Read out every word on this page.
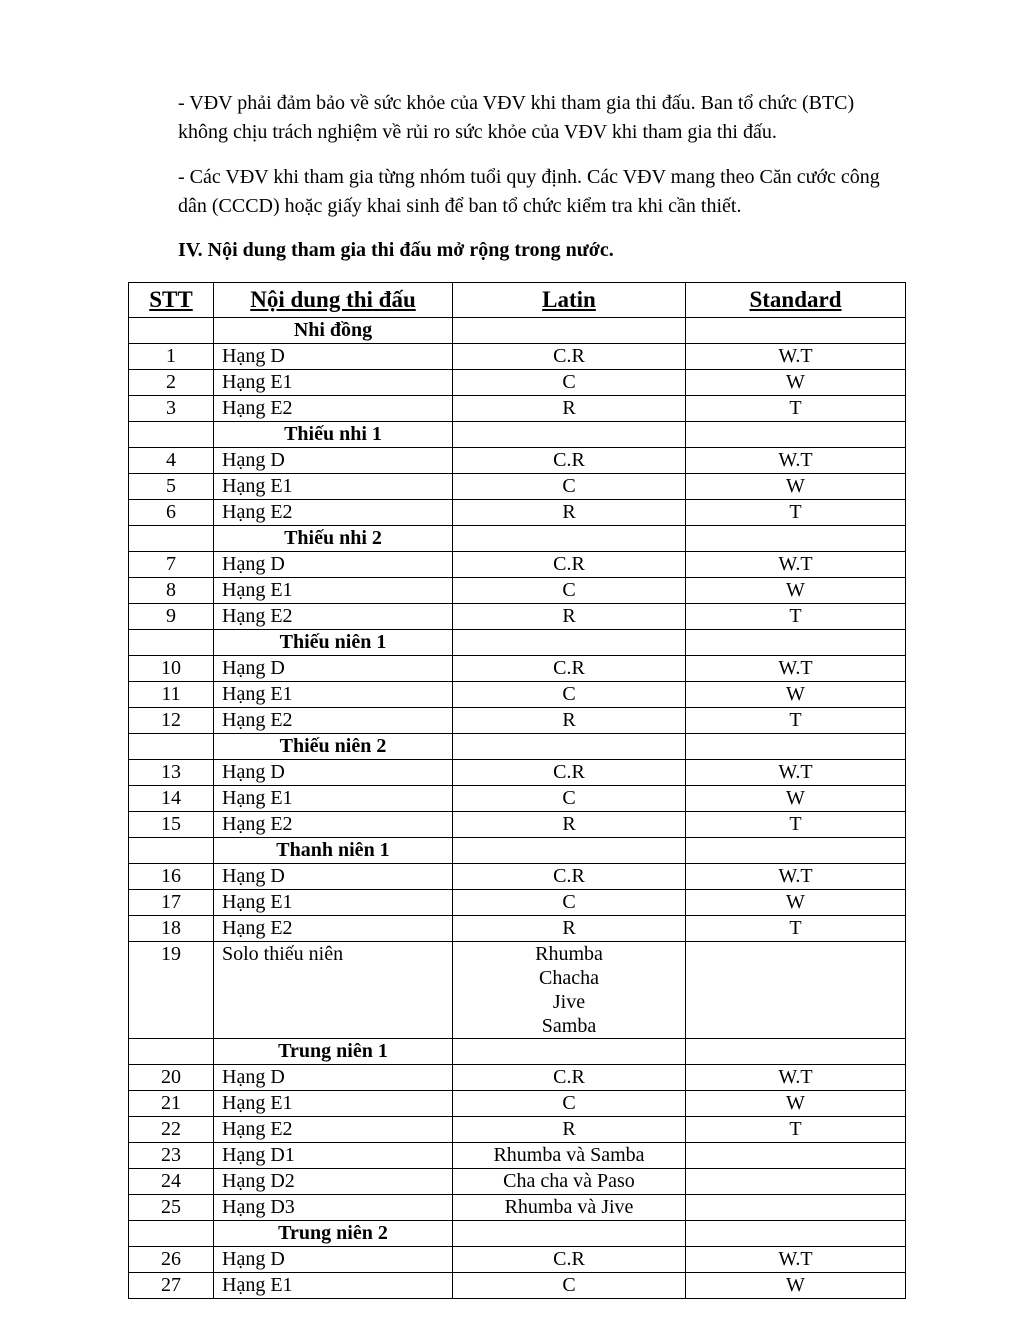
- VĐV phải đảm bảo về sức khỏe của VĐV khi tham gia thi đấu. Ban tổ chức (BTC) không chịu trách nghiệm về rủi ro sức khỏe của VĐV khi tham gia thi đấu.

- Các VĐV khi tham gia từng nhóm tuổi quy định. Các VĐV mang theo Căn cước công dân (CCCD) hoặc giấy khai sinh để ban tổ chức kiểm tra khi cần thiết.

IV. Nội dung tham gia thi đấu mở rộng trong nước.

STT	Nội dung thi đấu	Latin	Standard
	Nhi đồng		
1	Hạng D	C.R	W.T
2	Hạng E1	C	W
3	Hạng E2	R	T
	Thiếu nhi 1		
4	Hạng D	C.R	W.T
5	Hạng E1	C	W
6	Hạng E2	R	T
	Thiếu nhi 2		
7	Hạng D	C.R	W.T
8	Hạng E1	C	W
9	Hạng E2	R	T
	Thiếu niên 1		
10	Hạng D	C.R	W.T
11	Hạng E1	C	W
12	Hạng E2	R	T
	Thiếu niên 2		
13	Hạng D	C.R	W.T
14	Hạng E1	C	W
15	Hạng E2	R	T
	Thanh niên 1		
16	Hạng D	C.R	W.T
17	Hạng E1	C	W
18	Hạng E2	R	T
19	Solo thiếu niên	Rhumba
Chacha
Jive
Samba	

	Trung niên 1		
20	Hạng D	C.R	W.T
21	Hạng E1	C	W
22	Hạng E2	R	T
23	Hạng D1	Rhumba và Samba	
24	Hạng D2	Cha cha và Paso	
25	Hạng D3	Rhumba và Jive	
	Trung niên 2		
26	Hạng D	C.R	W.T
27	Hạng E1	C	W
